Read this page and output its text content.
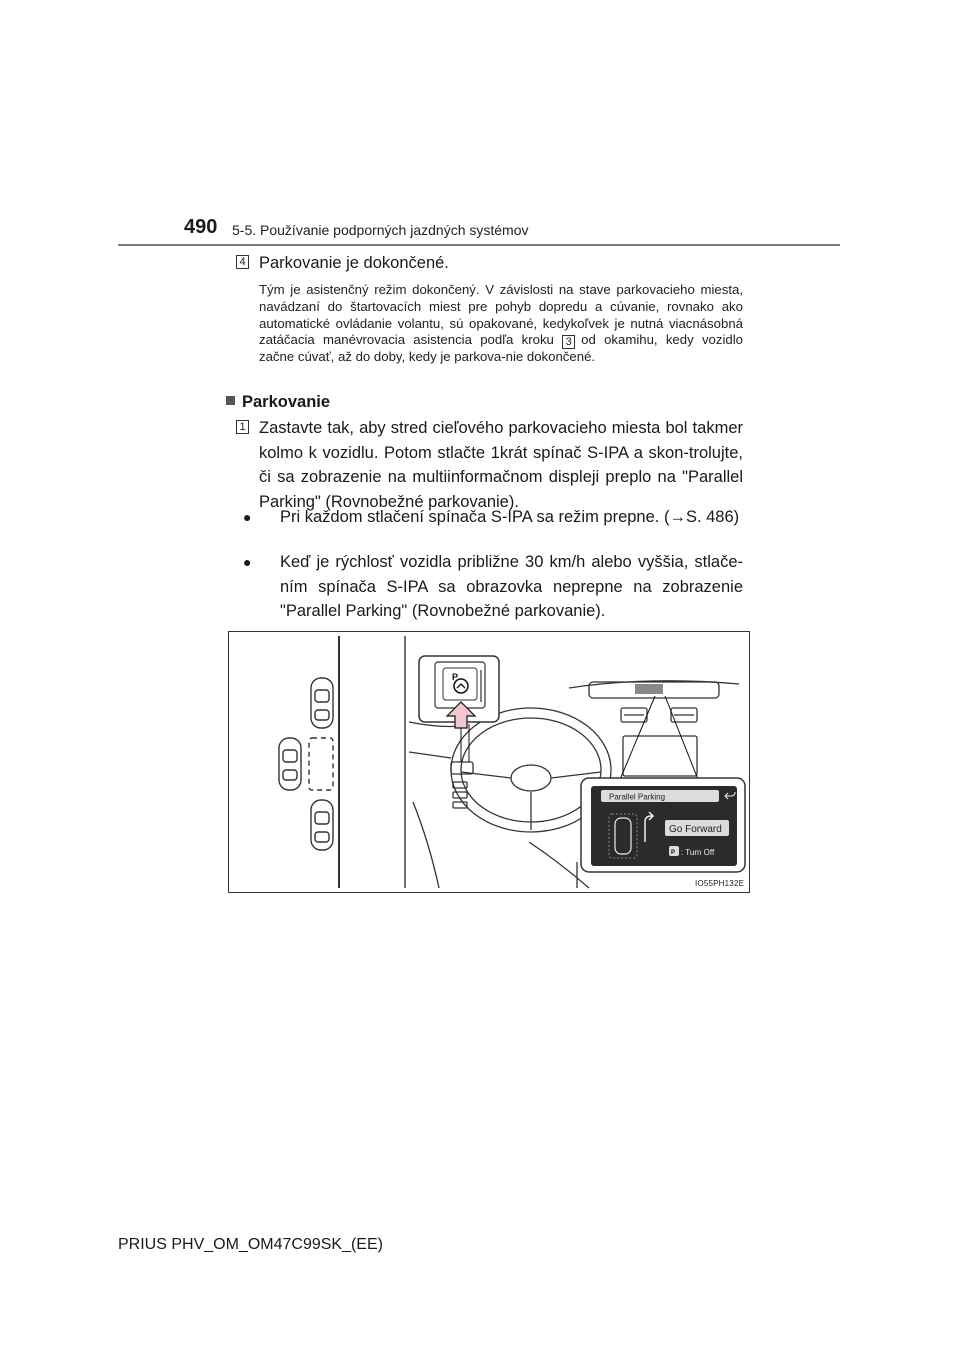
490 5-5. Používanie podporných jazdných systémov
4 Parkovanie je dokončené.
Tým je asistenčný režim dokončený. V závislosti na stave parkovacieho miesta, navádzaní do štartovacích miest pre pohyb dopredu a cúvanie, rovnako ako automatické ovládanie volantu, sú opakované, kedykoľvek je nutná viacnásobná zatáčacia manévrovacia asistencia podľa kroku 3 od okamihu, kedy vozidlo začne cúvať, až do doby, kedy je parkova-nie dokončené.
Parkovanie
1 Zastavte tak, aby stred cieľového parkovacieho miesta bol takmer kolmo k vozidlu. Potom stlačte 1krát spínač S-IPA a skon-trolujte, či sa zobrazenie na multiinformačnom displeji preplo na "Parallel Parking" (Rovnobežné parkovanie).
● Pri každom stlačení spínača S-IPA sa režim prepne. (→S. 486)
● Keď je rýchlosť vozidla približne 30 km/h alebo vyššia, stlače-ním spínača S-IPA sa obrazovka neprepne na zobrazenie "Parallel Parking" (Rovnobežné parkovanie).
P
Parallel Parking
Go Forward
P : Turn Off
IO55PH132E
PRIUS PHV_OM_OM47C99SK_(EE)
